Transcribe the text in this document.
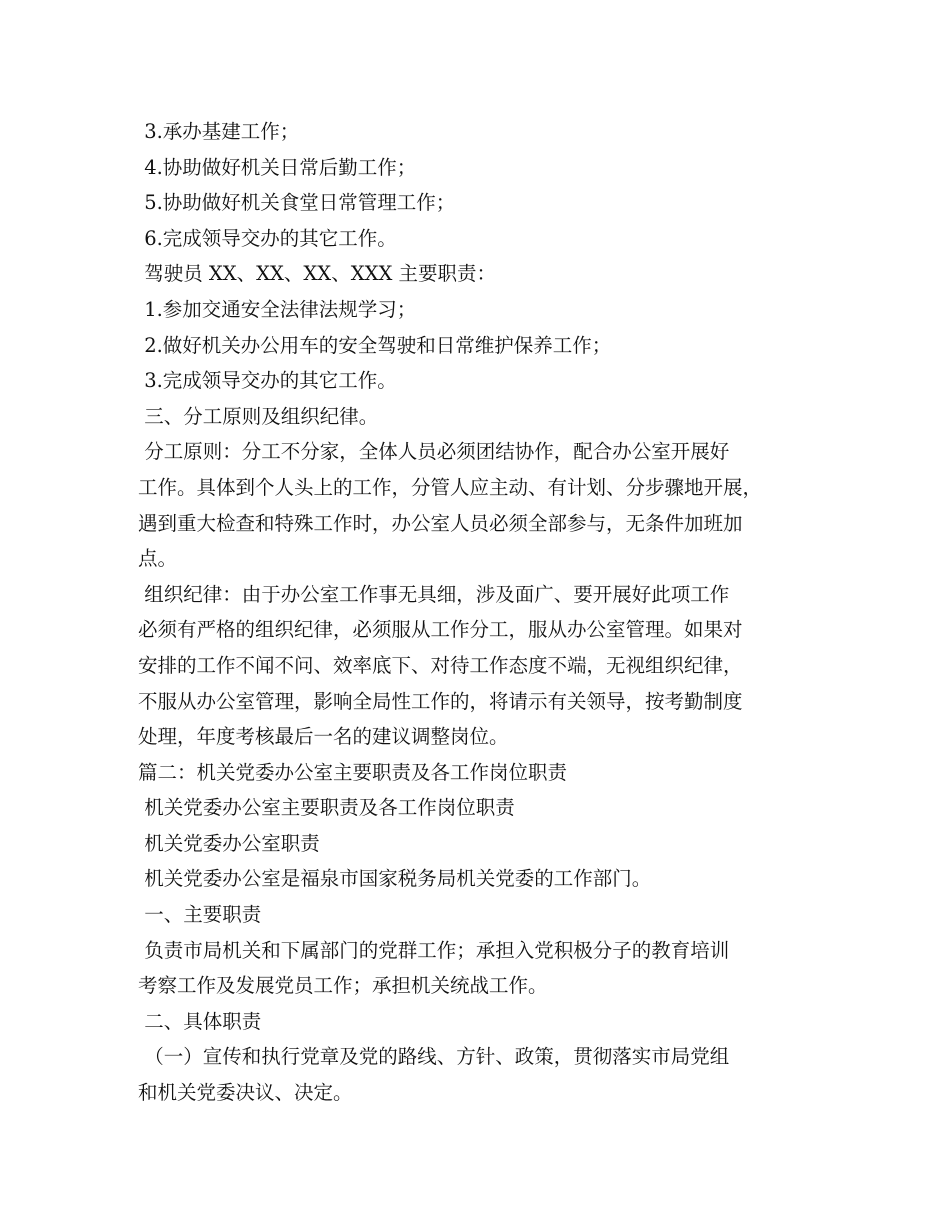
3.承办基建工作；
4.协助做好机关日常后勤工作；
5.协助做好机关食堂日常管理工作；
6.完成领导交办的其它工作。
驾驶员 XX、XX、XX、XXX 主要职责：
1.参加交通安全法律法规学习；
2.做好机关办公用车的安全驾驶和日常维护保养工作；
3.完成领导交办的其它工作。
三、分工原则及组织纪律。
分工原则：分工不分家，全体人员必须团结协作，配合办公室开展好
工作。具体到个人头上的工作，分管人应主动、有计划、分步骤地开展，
遇到重大检查和特殊工作时，办公室人员必须全部参与，无条件加班加
点。
组织纪律：由于办公室工作事无具细，涉及面广、要开展好此项工作
必须有严格的组织纪律，必须服从工作分工，服从办公室管理。如果对
安排的工作不闻不问、效率底下、对待工作态度不端，无视组织纪律，
不服从办公室管理，影响全局性工作的，将请示有关领导，按考勤制度
处理，年度考核最后一名的建议调整岗位。
篇二：机关党委办公室主要职责及各工作岗位职责
机关党委办公室主要职责及各工作岗位职责
机关党委办公室职责
机关党委办公室是福泉市国家税务局机关党委的工作部门。
一、主要职责
负责市局机关和下属部门的党群工作；承担入党积极分子的教育培训
考察工作及发展党员工作；承担机关统战工作。
二、具体职责
（一）宣传和执行党章及党的路线、方针、政策，贯彻落实市局党组
和机关党委决议、决定。
